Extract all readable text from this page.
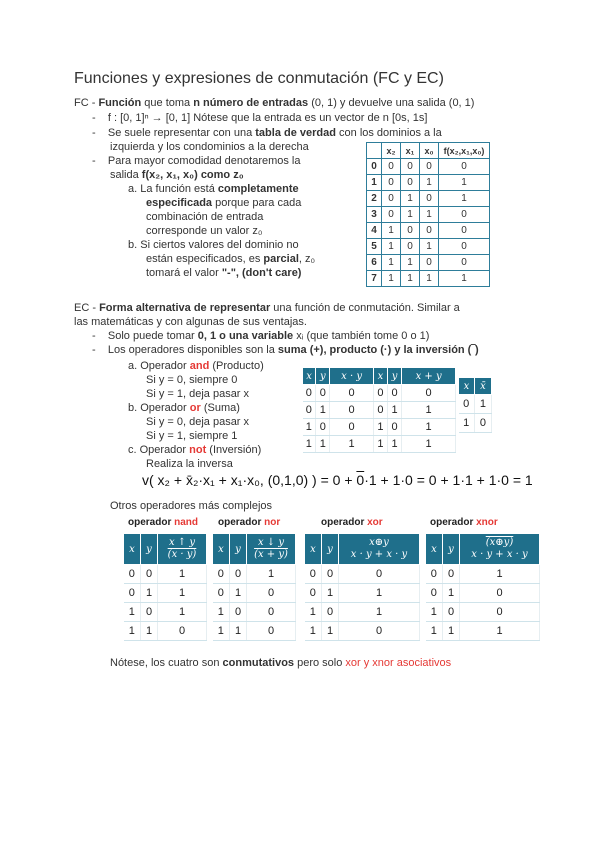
Funciones y expresiones de conmutación (FC y EC)
FC - Función que toma n número de entradas (0, 1) y devuelve una salida (0, 1)
-    f : [0, 1]ⁿ → [0, 1] Nótese que la entrada es un vector de n [0s, 1s]
-    Se suele representar con una tabla de verdad con los dominios a la
izquierda y los condominios a la derecha
-    Para mayor comodidad denotaremos la
salida f(x₂, x₁, x₀) como z₀
a. La función está completamente
especificada porque para cada
combinación de entrada
corresponde un valor z₀
b. Si ciertos valores del dominio no
están especificados, es parcial, z₀
tomará el valor "-", (don't care)
	x₂	x₁	x₀	f(x₂,x₁,x₀)
0	0	0	0	0
1	0	0	1	1
2	0	1	0	1
3	0	1	1	0
4	1	0	0	0
5	1	0	1	0
6	1	1	0	0
7	1	1	1	1
EC - Forma alternativa de representar una función de conmutación. Similar a
las matemáticas y con algunas de sus ventajas.
-    Solo puede tomar 0, 1 o una variable xᵢ (que también tome 0 o 1)
-    Los operadores disponibles son la suma (+), producto (·) y la inversión (‾)
a. Operador and (Producto)
Si y = 0, siempre 0
Si y = 1, deja pasar x
b. Operador or (Suma)
Si y = 0, deja pasar x
Si y = 1, siempre 1
c. Operador not (Inversión)
Realiza la inversa
x	y	x · y	x	y	x + y
0	0	0	0	0	0
0	1	0	0	1	1
1	0	0	1	0	1
1	1	1	1	1	1
x	x̄
0	1
1	0
v( x₂ + x̄₂·x₁ + x₁·x₀, (0,1,0) ) = 0 + 0·1 + 1·0 = 0 + 1·1 + 1·0 = 1
Otros operadores más complejos
operador nand operador nor	operador xor	operador xnor
x	y	x ↑ y
(x · y)
0	0	1
0	1	1
1	0	1
1	1	0
x	y	x ↓ y
(x + y)
0	0	1
0	1	0
1	0	0
1	1	0
x	y	x⊕y
x · y + x · y
0	0	0
0	1	1
1	0	1
1	1	0
x	y	(x⊕y)
x · y + x · y
0	0	1
0	1	0
1	0	0
1	1	1
Nótese, los cuatro son conmutativos pero solo xor y xnor asociativos
